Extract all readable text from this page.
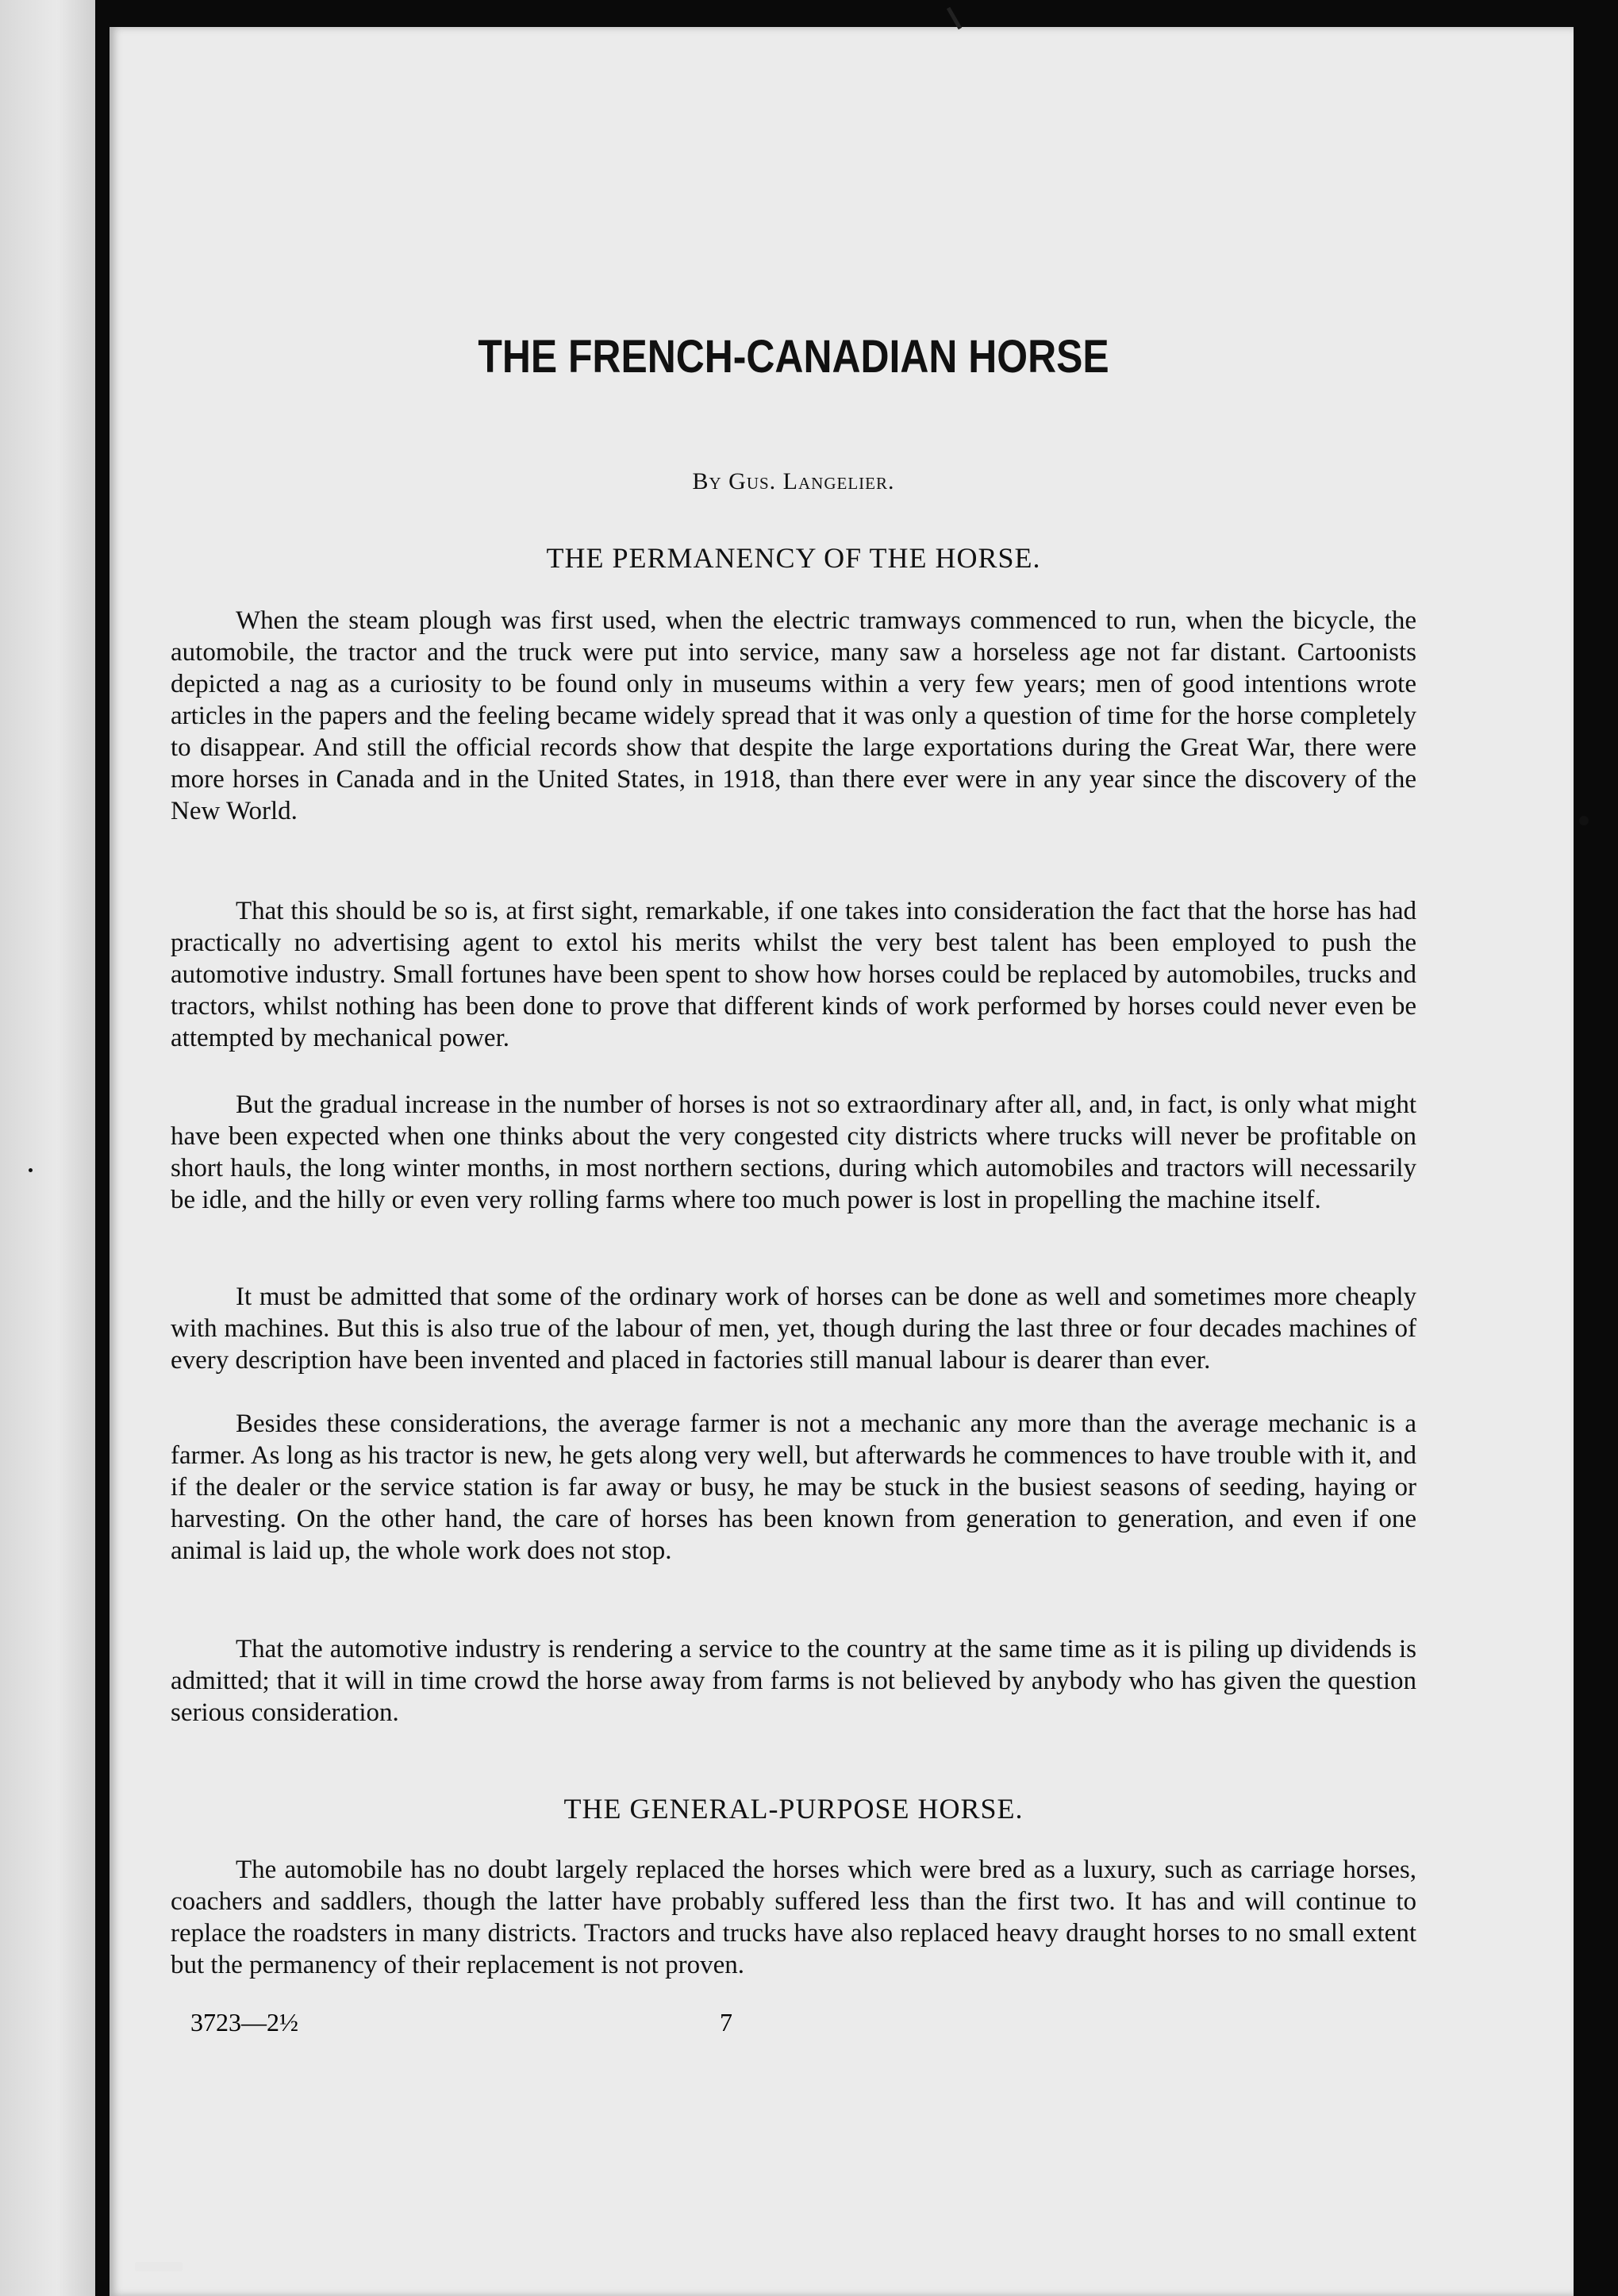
THE FRENCH-CANADIAN HORSE
By Gus. Langelier.
THE PERMANENCY OF THE HORSE.

When the steam plough was first used, when the electric tramways commenced to run, when the bicycle, the automobile, the tractor and the truck were put into service, many saw a horseless age not far distant. Cartoonists depicted a nag as a curiosity to be found only in museums within a very few years; men of good intentions wrote articles in the papers and the feeling became widely spread that it was only a question of time for the horse completely to disappear. And still the official records show that despite the large exportations during the Great War, there were more horses in Canada and in the United States, in 1918, than there ever were in any year since the discovery of the New World.

That this should be so is, at first sight, remarkable, if one takes into consideration the fact that the horse has had practically no advertising agent to extol his merits whilst the very best talent has been employed to push the automotive industry. Small fortunes have been spent to show how horses could be replaced by automobiles, trucks and tractors, whilst nothing has been done to prove that different kinds of work performed by horses could never even be attempted by mechanical power.

But the gradual increase in the number of horses is not so extraordinary after all, and, in fact, is only what might have been expected when one thinks about the very congested city districts where trucks will never be profitable on short hauls, the long winter months, in most northern sections, during which automobiles and tractors will necessarily be idle, and the hilly or even very rolling farms where too much power is lost in propelling the machine itself.

It must be admitted that some of the ordinary work of horses can be done as well and sometimes more cheaply with machines. But this is also true of the labour of men, yet, though during the last three or four decades machines of every description have been invented and placed in factories still manual labour is dearer than ever.

Besides these considerations, the average farmer is not a mechanic any more than the average mechanic is a farmer. As long as his tractor is new, he gets along very well, but afterwards he commences to have trouble with it, and if the dealer or the service station is far away or busy, he may be stuck in the busiest seasons of seeding, haying or harvesting. On the other hand, the care of horses has been known from generation to generation, and even if one animal is laid up, the whole work does not stop.

That the automotive industry is rendering a service to the country at the same time as it is piling up dividends is admitted; that it will in time crowd the horse away from farms is not believed by anybody who has given the question serious consideration.

THE GENERAL-PURPOSE HORSE.

The automobile has no doubt largely replaced the horses which were bred as a luxury, such as carriage horses, coachers and saddlers, though the latter have probably suffered less than the first two. It has and will continue to replace the roadsters in many districts. Tractors and trucks have also replaced heavy draught horses to no small extent but the permanency of their replacement is not proven.

3723—2½	7
